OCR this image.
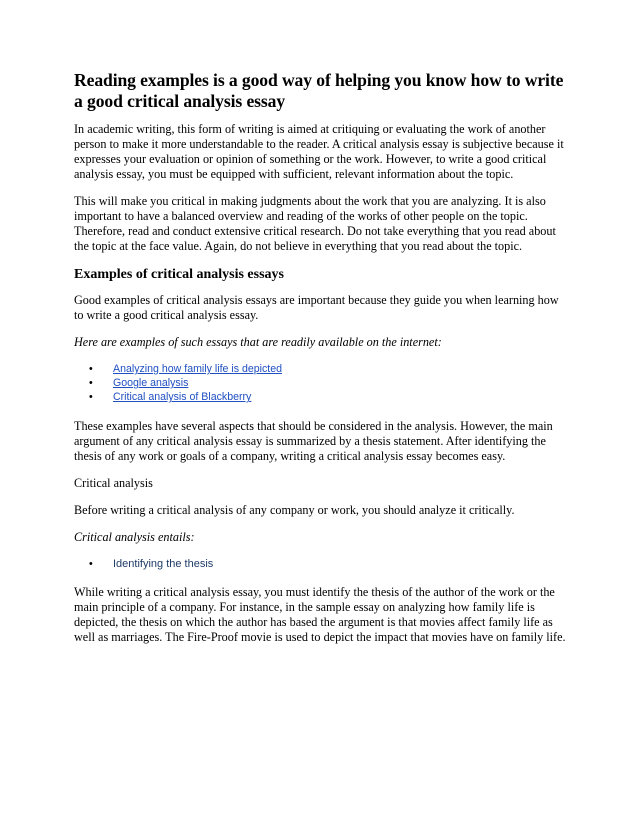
Reading examples is a good way of helping you know how to write a good critical analysis essay

In academic writing, this form of writing is aimed at critiquing or evaluating the work of another person to make it more understandable to the reader. A critical analysis essay is subjective because it expresses your evaluation or opinion of something or the work. However, to write a good critical analysis essay, you must be equipped with sufficient, relevant information about the topic.

This will make you critical in making judgments about the work that you are analyzing. It is also important to have a balanced overview and reading of the works of other people on the topic. Therefore, read and conduct extensive critical research. Do not take everything that you read about the topic at the face value. Again, do not believe in everything that you read about the topic.

Examples of critical analysis essays

Good examples of critical analysis essays are important because they guide you when learning how to write a good critical analysis essay.

Here are examples of such essays that are readily available on the internet:

• Analyzing how family life is depicted
• Google analysis
• Critical analysis of Blackberry

These examples have several aspects that should be considered in the analysis. However, the main argument of any critical analysis essay is summarized by a thesis statement. After identifying the thesis of any work or goals of a company, writing a critical analysis essay becomes easy.

Critical analysis

Before writing a critical analysis of any company or work, you should analyze it critically.

Critical analysis entails:

• Identifying the thesis

While writing a critical analysis essay, you must identify the thesis of the author of the work or the main principle of a company. For instance, in the sample essay on analyzing how family life is depicted, the thesis on which the author has based the argument is that movies affect family life as well as marriages. The Fire-Proof movie is used to depict the impact that movies have on family life.
